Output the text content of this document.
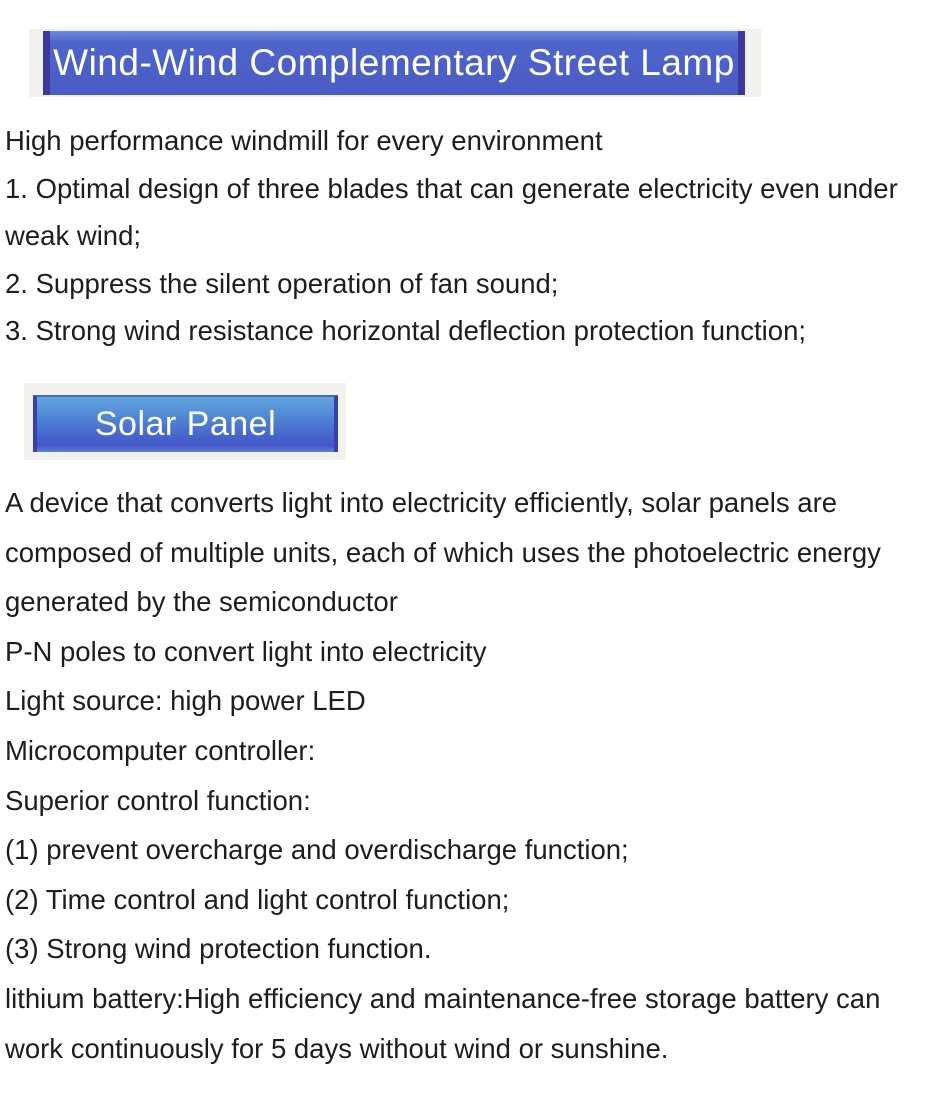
Wind-Wind Complementary Street Lamp
High performance windmill for every environment
1. Optimal design of three blades that can generate electricity even under
weak wind;
2. Suppress the silent operation of fan sound;
3. Strong wind resistance horizontal deflection protection function;
Solar Panel
A device that converts light into electricity efficiently, solar panels are
composed of multiple units, each of which uses the photoelectric energy
generated by the semiconductor
P-N poles to convert light into electricity
Light source: high power LED
Microcomputer controller:
Superior control function:
(1) prevent overcharge and overdischarge function;
(2) Time control and light control function;
(3) Strong wind protection function.
lithium battery:High efficiency and maintenance-free storage battery can
work continuously for 5 days without wind or sunshine.
